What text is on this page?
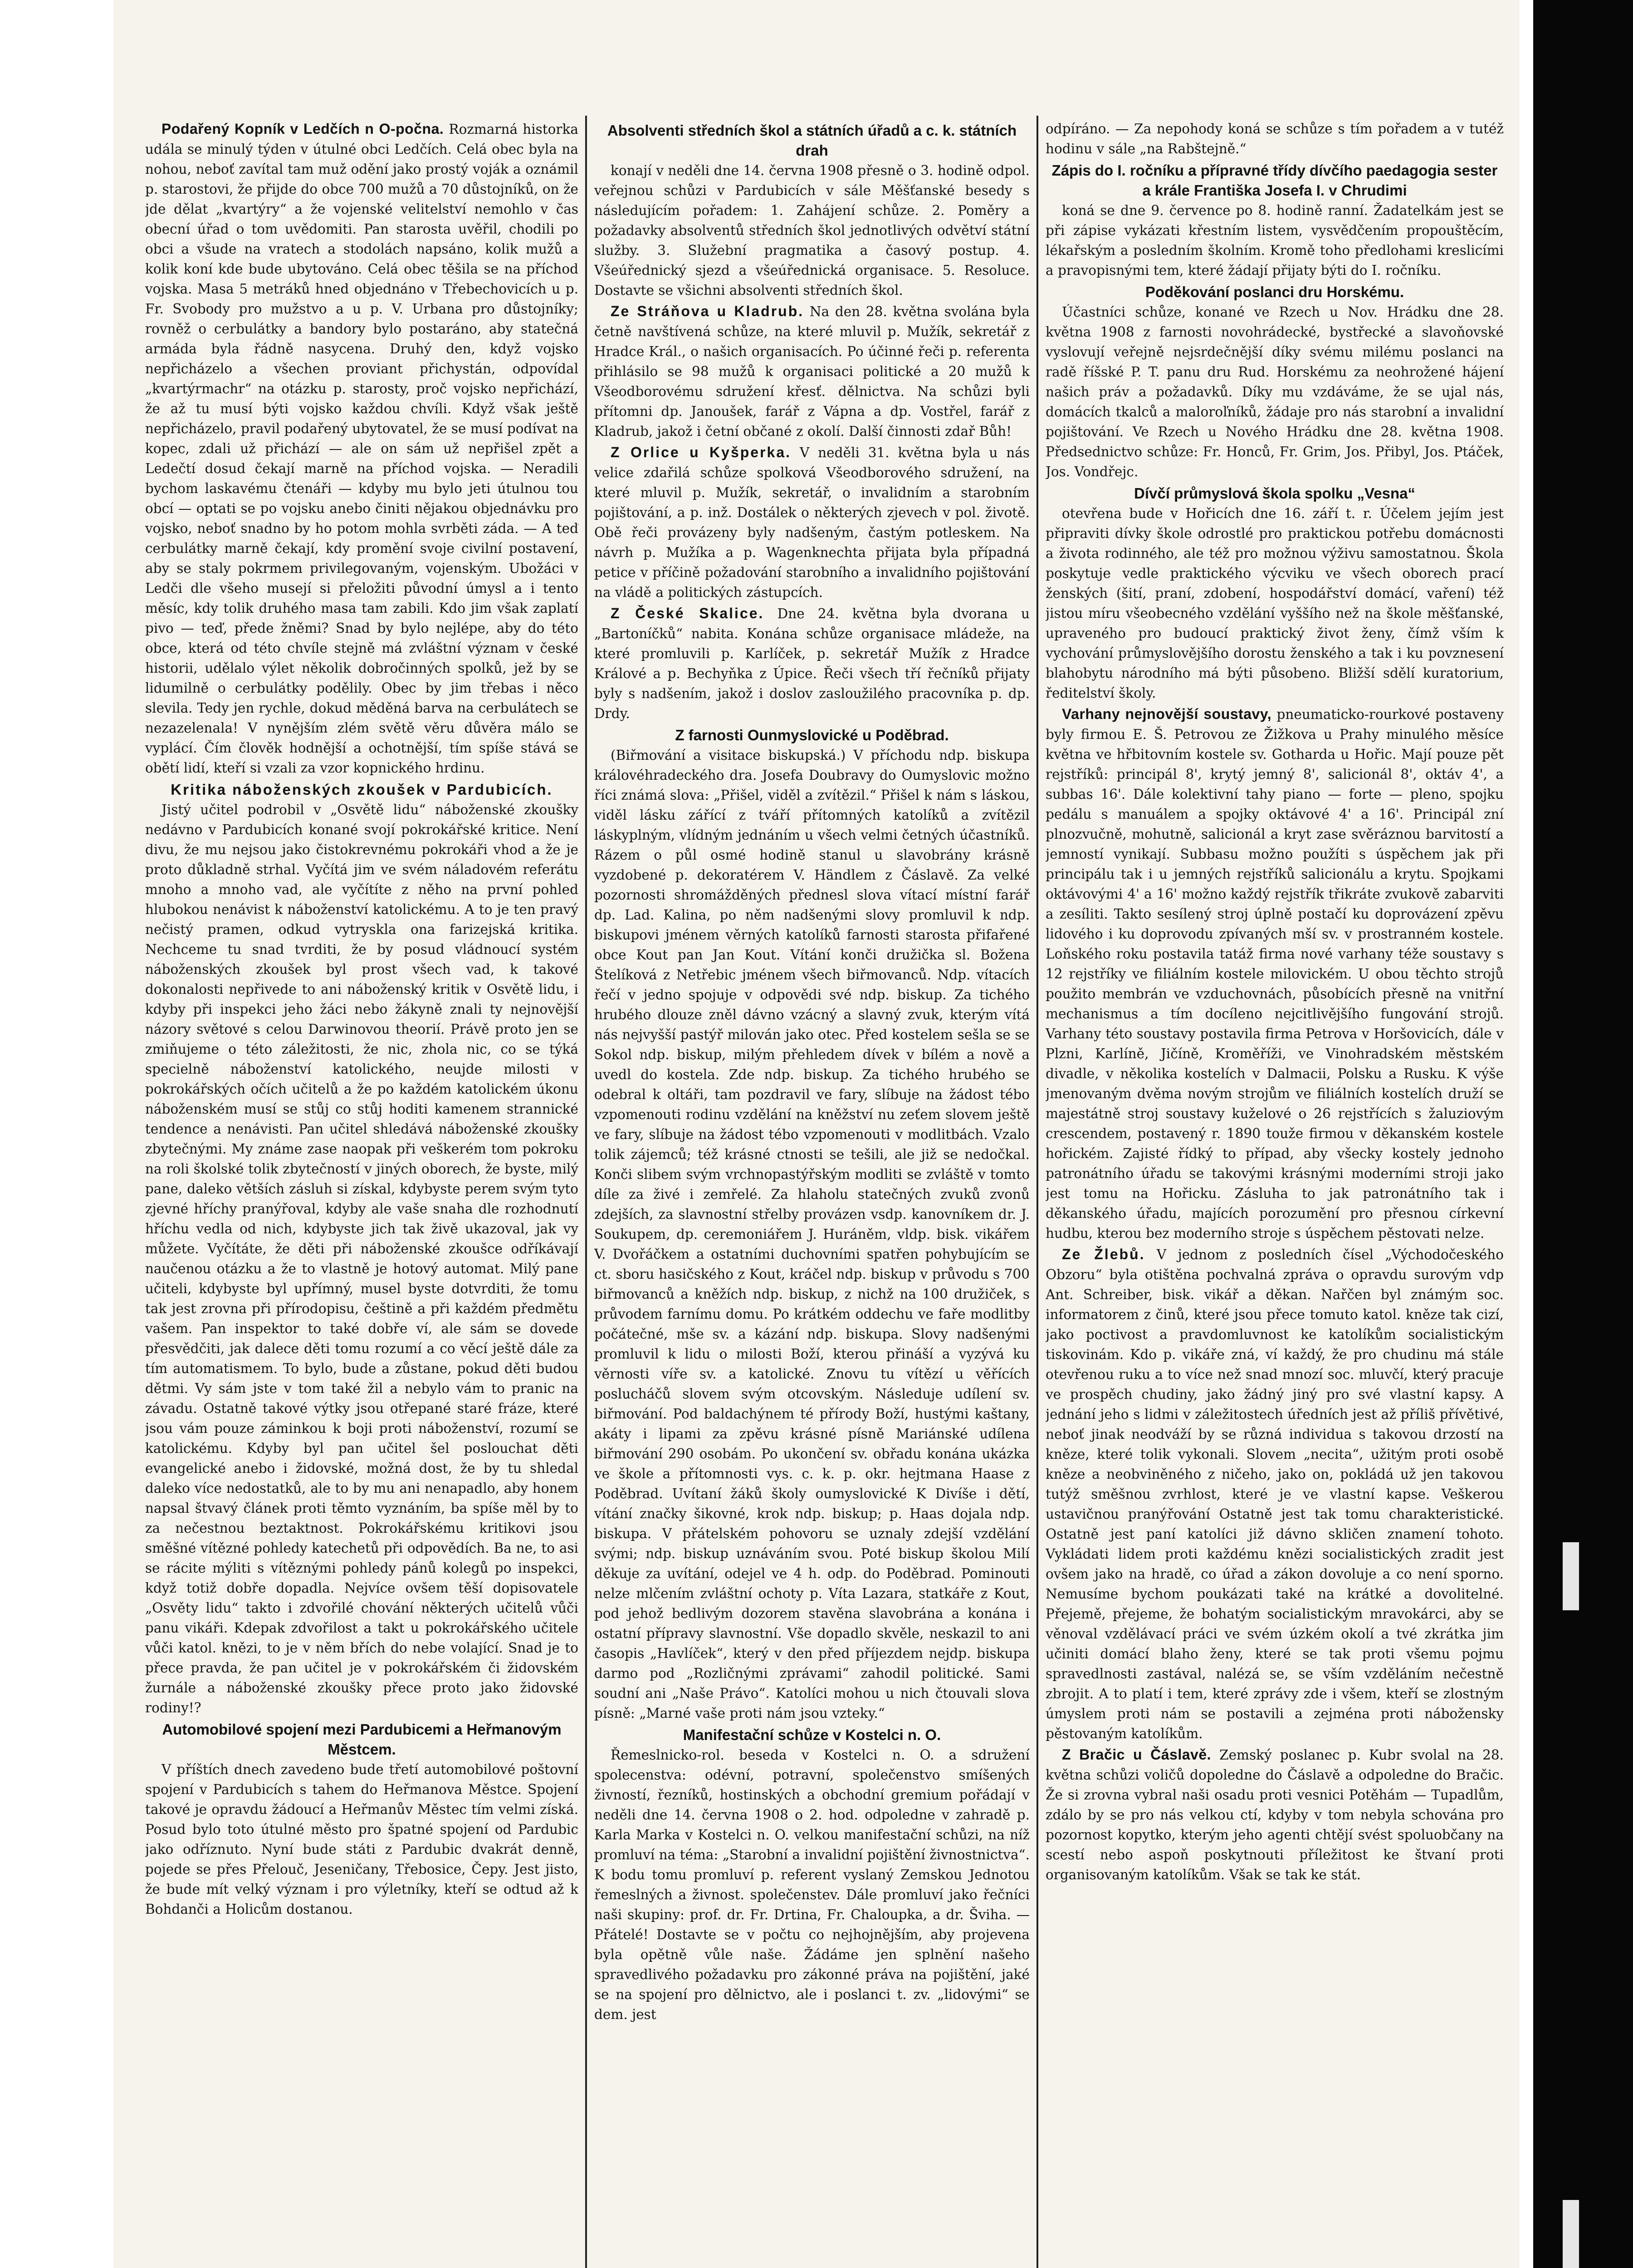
Podařený Kopník v Ledčích n O-počna. Rozmarná historka udála se minulý týden v útulné obci Ledčích. Celá obec byla na nohou, neboť zavítal tam muž odění jako prostý voják a oznámil p. starostovi, že přijde do obce 700 mužů a 70 důstojníků, on že jde dělat „kvartýry“ a že vojenské velitelství nemohlo v čas obecní úřad o tom uvědomiti. Pan starosta uvěřil, chodili po obci a všude na vratech a stodolách napsáno, kolik mužů a kolik koní kde bude ubytováno. Celá obec těšila se na příchod vojska. Masa 5 metráků hned objednáno v Třebechovicích u p. Fr. Svobody pro mužstvo a u p. V. Urbana pro důstojníky; rovněž o cerbulátky a bandory bylo postaráno, aby statečná armáda byla řádně nasycena. Druhý den, když vojsko nepřicházelo a všechen proviant přichystán, odpovídal „kvartýrmachr“ na otázku p. starosty, proč vojsko nepřichází, že až tu musí býti vojsko každou chvíli. Když však ještě nepřicházelo, pravil podařený ubytovatel, že se musí podívat na kopec, zdali už přichází — ale on sám už nepřišel zpět a Ledečtí dosud čekají marně na příchod vojska. — Neradili bychom laskavému čtenáři — kdyby mu bylo jeti útulnou tou obcí — optati se po vojsku anebo činiti nějakou objednávku pro vojsko, neboť snadno by ho potom mohla svrběti záda. — A teď cerbulátky marně čekají, kdy promění svoje civilní postavení, aby se staly pokrmem privilegovaným, vojenským. Ubožáci v Ledči dle všeho musejí si přeložiti původní úmysl a i tento měsíc, kdy tolik druhého masa tam zabili. Kdo jim však zaplatí pivo — teď, přede žněmi? Snad by bylo nejlépe, aby do této obce, která od této chvíle stejně má zvláštní význam v české historii, udělalo výlet několik dobročinných spolků, jež by se lidumilně o cerbulátky podělily. Obec by jim třebas i něco slevila. Tedy jen rychle, dokud měděná barva na cerbulátech se nezazelenala! V nynějším zlém světě věru důvěra málo se vyplácí. Čím člověk hodnější a ochotnější, tím spíše stává se obětí lidí, kteří si vzali za vzor kopnického hrdinu.

Kritika náboženských zkoušek v Pardubicích.

Jistý učitel podrobil v „Osvětě lidu“ náboženské zkoušky nedávno v Pardubicích konané svojí pokrokářské kritice. Není divu, že mu nejsou jako čistokrevnému pokrokáři vhod a že je proto důkladně strhal. Vyčítá jim ve svém náladovém referátu mnoho a mnoho vad, ale vyčítíte z něho na první pohled hlubokou nenávist k náboženství katolickému. A to je ten pravý nečistý pramen, odkud vytryskla ona farizejská kritika. Nechceme tu snad tvrditi, že by posud vládnoucí systém náboženských zkoušek byl prost všech vad, k takové dokonalosti nepřivede to ani náboženský kritik v Osvětě lidu, i kdyby při inspekci jeho žáci nebo žákyně znali ty nejnovější názory světové s celou Darwinovou theorií. Právě proto jen se zmiňujeme o této záležitosti, že nic, zhola nic, co se týká specielně náboženství katolického, neujde milosti v pokrokářských očích učitelů a že po každém katolickém úkonu náboženském musí se stůj co stůj hoditi kamenem strannické tendence a nenávisti. Pan učitel shledává náboženské zkoušky zbytečnými. My známe zase naopak při veškerém tom pokroku na roli školské tolik zbytečností v jiných oborech, že byste, milý pane, daleko větších zásluh si získal, kdybyste perem svým tyto zjevné hříchy pranýřoval, kdyby ale vaše snaha dle rozhodnutí hříchu vedla od nich, kdybyste jich tak živě ukazoval, jak vy můžete. Vyčítáte, že děti při náboženské zkoušce odříkávají naučenou otázku a že to vlastně je hotový automat. Milý pane učiteli, kdybyste byl upřímný, musel byste dotvrditi, že tomu tak jest zrovna při přírodopisu, češtině a při každém předmětu vašem. Pan inspektor to také dobře ví, ale sám se dovede přesvědčiti, jak dalece děti tomu rozumí a co věcí ještě dále za tím automatismem. To bylo, bude a zůstane, pokud děti budou dětmi. Vy sám jste v tom také žil a nebylo vám to pranic na závadu. Ostatně takové výtky jsou otřepané staré fráze, které jsou vám pouze záminkou k boji proti náboženství, rozumí se katolickému. Kdyby byl pan učitel šel poslouchat děti evangelické anebo i židovské, možná dost, že by tu shledal daleko více nedostatků, ale to by mu ani nenapadlo, aby honem napsal štvavý článek proti těmto vyznáním, ba spíše měl by to za nečestnou beztaktnost. Pokrokářskému kritikovi jsou směšné vítězné pohledy katechetů při odpovědích. Ba ne, to asi se rácite mýliti s vítěznými pohledy pánů kolegů po inspekci, když totiž dobře dopadla. Nejvíce ovšem těší dopisovatele „Osvěty lidu“ takto i zdvořilé chování některých učitelů vůči panu vikáři. Kdepak zdvořilost a takt u pokrokářského učitele vůči katol. knězi, to je v něm břích do nebe volající. Snad je to přece pravda, že pan učitel je v pokrokářském či židovském žurnále a náboženské zkoušky přece proto jako židovské rodiny!?

Automobilové spojení mezi Pardubicemi a Heřmanovým Městcem.

V příštích dnech zavedeno bude třetí automobilové poštovní spojení v Pardubicích s tahem do Heřmanova Městce. Spojení takové je opravdu žádoucí a Heřmanův Městec tím velmi získá. Posud bylo toto útulné město pro špatné spojení od Pardubic jako odříznuto. Nyní bude státi z Pardubic dvakrát denně, pojede se přes Přelouč, Jeseničany, Třebosice, Čepy. Jest jisto, že bude mít velký význam i pro výletníky, kteří se odtud až k Bohdanči a Holicům dostanou.

Absolventi středních škol a státních úřadů a c. k. státních drah

konají v neděli dne 14. června 1908 přesně o 3. hodině odpol. veřejnou schůzi v Pardubicích v sále Měšťanské besedy s následujícím pořadem: 1. Zahájení schůze. 2. Poměry a požadavky absolventů středních škol jednotlivých odvětví státní služby. 3. Služební pragmatika a časový postup. 4. Všeúřednický sjezd a všeúřednická organisace. 5. Resoluce. Dostavte se všichni absolventi středních škol.

Ze Stráňova u Kladrub. Na den 28. května svolána byla četně navštívená schůze, na které mluvil p. Mužík, sekretář z Hradce Král., o našich organisacích. Po účinné řeči p. referenta přihlásilo se 98 mužů k organisaci politické a 20 mužů k Všeodborovému sdružení křesť. dělnictva. Na schůzi byli přítomni dp. Janoušek, farář z Vápna a dp. Vostřel, farář z Kladrub, jakož i četní občané z okolí. Další činnosti zdař Bůh!

Z Orlice u Kyšperka. V neděli 31. května byla u nás velice zdařilá schůze spolková Všeodborového sdružení, na které mluvil p. Mužík, sekretář, o invalidním a starobním pojištování, a p. inž. Dostálek o některých zjevech v pol. životě. Obě řeči provázeny byly nadšeným, častým potleskem. Na návrh p. Mužíka a p. Wagenknechta přijata byla případná petice v příčině požadování starobního a invalidního pojištování na vládě a politických zástupcích.

Z České Skalice. Dne 24. května byla dvorana u „Bartoníčků“ nabita. Konána schůze organisace mládeže, na které promluvili p. Karlíček, p. sekretář Mužík z Hradce Králové a p. Bechyňka z Úpice. Řeči všech tří řečníků přijaty byly s nadšením, jakož i doslov zasloužilého pracovníka p. dp. Drdy.

Z farnosti Ounmyslovické u Poděbrad.

(Biřmování a visitace biskupská.) V příchodu ndp. biskupa královéhradeckého dra. Josefa Doubravy do Oumyslovic možno říci známá slova: „Přišel, viděl a zvítězil.“ Přišel k nám s láskou, viděl lásku zářící z tváří přítomných katolíků a zvítězil láskyplným, vlídným jednáním u všech velmi četných účastníků. Rázem o půl osmé hodině stanul u slavobrány krásně vyzdobené p. dekoratérem V. Händlem z Čáslavě. Za velké pozornosti shromážděných přednesl slova vítací místní farář dp. Lad. Kalina, po něm nadšenými slovy promluvil k ndp. biskupovi jménem věrných katolíků farnosti starosta přifařené obce Kout pan Jan Kout. Vítání konči družička sl. Božena Štelíková z Netřebic jménem všech biřmovanců. Ndp. vítacích řečí v jedno spojuje v odpovědi své ndp. biskup. Za tichého hrubého dlouze zněl dávno vzácný a slavný zvuk, kterým vítá nás nejvyšší pastýř milován jako otec. Před kostelem sešla se se Sokol ndp. biskup, milým přehledem dívek v bílém a nově a uvedl do kostela. Zde ndp. biskup. Za tichého hrubého se odebral k oltáři, tam pozdravil ve fary, slíbuje na žádost tébo vzpomenouti rodinu vzdělání na kněžství nu zeťem slovem ještě ve fary, slíbuje na žádost tébo vzpomenouti v modlitbách. Vzalo tolik zájemců; též krásné ctnosti se tešili, ale již se nedočkal. Konči slibem svým vrchnopastýřským modliti se zvláště v tomto díle za živé i zemřelé. Za hlaholu statečných zvuků zvonů zdejších, za slavnostní střelby provázen vsdp. kanovníkem dr. J. Soukupem, dp. ceremoniářem J. Huráněm, vldp. bisk. vikářem V. Dvořáčkem a ostatními duchovními spatřen pohybujícím se ct. sboru hasičského z Kout, kráčel ndp. biskup v průvodu s 700 biřmovanců a kněžích ndp. biskup, z nichž na 100 družiček, s průvodem farnímu domu. Po krátkém oddechu ve faře modlitby počátečné, mše sv. a kázání ndp. biskupa. Slovy nadšenými promluvil k lidu o milosti Boží, kterou přináší a vyzývá ku věrnosti víře sv. a katolické. Znovu tu vítězí u věřících poslucháčů slovem svým otcovským. Následuje udílení sv. biřmování. Pod baldachýnem té přírody Boží, hustými kaštany, akáty i lipami za zpěvu krásné písně Mariánské udílena biřmování 290 osobám. Po ukončení sv. obřadu konána ukázka ve škole a přítomnosti vys. c. k. p. okr. hejtmana Haase z Poděbrad. Uvítaní žáků školy oumyslovické K Divíše i dětí, vítání značky šikovné, krok ndp. biskup; p. Haas dojala ndp. biskupa. V přátelském pohovoru se uznaly zdejší vzdělání svými; ndp. biskup uznáváním svou. Poté biskup školou Milí děkuje za uvítání, odejel ve 4 h. odp. do Poděbrad. Pominouti nelze mlčením zvláštní ochoty p. Víta Lazara, statkáře z Kout, pod jehož bedlivým dozorem stavěna slavobrána a konána i ostatní přípravy slavnostní. Vše dopadlo skvěle, neskazil to ani časopis „Havlíček“, který v den před příjezdem nejdp. biskupa darmo pod „Rozličnými zprávami“ zahodil politické. Sami soudní ani „Naše Právo“. Katolíci mohou u nich čtouvali slova písně: „Marné vaše proti nám jsou vzteky.“

Manifestační schůze v Kostelci n. O.

Řemeslnicko-rol. beseda v Kostelci n. O. a sdružení spolecenstva: odévní, potravní, společenstvo smíšených živností, řezníků, hostinských a obchodní gremium pořádají v neděli dne 14. června 1908 o 2. hod. odpoledne v zahradě p. Karla Marka v Kostelci n. O. velkou manifestační schůzi, na níž promluví na téma: „Starobní a invalidní pojištění živnostnictva“. K bodu tomu promluví p. referent vyslaný Zemskou Jednotou řemeslných a živnost. společenstev. Dále promluví jako řečníci naši skupiny: prof. dr. Fr. Drtina, Fr. Chaloupka, a dr. Šviha. — Přátelé! Dostavte se v počtu co nejhojnějším, aby projevena byla opětně vůle naše. Žádáme jen splnění našeho spravedlivého požadavku pro zákonné práva na pojištění, jaké se na spojení pro dělnictvo, ale i poslanci t. zv. „lidovými“ se dem. jest

odpíráno. — Za nepohody koná se schůze s tím pořadem a v tutéž hodinu v sále „na Rabštejně.“

Zápis do I. ročníku a přípravné třídy dívčího paedagogia sester a krále Františka Josefa I. v Chrudimi

koná se dne 9. července po 8. hodině ranní. Žadatelkám jest se při zápise vykázati křestním listem, vysvědčením propouštěcím, lékařským a posledním školním. Kromě toho předlohami kreslicími a pravopisnými tem, které žádají přijaty býti do I. ročníku.

Poděkování poslanci dru Horskému.

Účastníci schůze, konané ve Rzech u Nov. Hrádku dne 28. května 1908 z farnosti novohrádecké, bystřecké a slavoňovské vyslovují veřejně nejsrdečnější díky svému milému poslanci na radě říšské P. T. panu dru Rud. Horskému za neohrožené hájení našich práv a požadavků. Díky mu vzdáváme, že se ujal nás, domácích tkalců a maloroľníků, žádaje pro nás starobní a invalidní pojištování. Ve Rzech u Nového Hrádku dne 28. května 1908. Předsednictvo schůze: Fr. Honců, Fr. Grim, Jos. Přibyl, Jos. Ptáček, Jos. Vondřejc.

Dívčí průmyslová škola spolku „Vesna“

otevřena bude v Hořicích dne 16. září t. r. Účelem jejím jest připraviti dívky škole odrostlé pro praktickou potřebu domácnosti a života rodinného, ale též pro možnou výživu samostatnou. Škola poskytuje vedle praktického výcviku ve všech oborech prací ženských (šití, praní, zdobení, hospodářství domácí, vaření) též jistou míru všeobecného vzdělání vyššího než na škole měšťanské, upraveného pro budoucí praktický život ženy, čímž vším k vychování průmyslovějšího dorostu ženského a tak i ku povznesení blahobytu národního má býti působeno. Bližší sdělí kuratorium, ředitelství školy.

Varhany nejnovější soustavy, pneumaticko-rourkové postaveny byly firmou E. Š. Petrovou ze Žižkova u Prahy minulého měsíce května ve hřbitovním kostele sv. Gotharda u Hořic. Mají pouze pět rejstříků: principál 8', krytý jemný 8', salicionál 8', oktáv 4', a subbas 16'. Dále kolektivní tahy piano — forte — pleno, spojku pedálu s manuálem a spojky oktávové 4' a 16'. Principál zní plnozvučně, mohutně, salicionál a kryt zase svěráznou barvitostí a jemností vynikají. Subbasu možno použíti s úspěchem jak při principálu tak i u jemných rejstříků salicionálu a krytu. Spojkami oktávovými 4' a 16' možno každý rejstřík třikráte zvukově zabarviti a zesíliti. Takto sesílený stroj úplně postačí ku doprovázení zpěvu lidového i ku doprovodu zpívaných mší sv. v prostranném kostele. Loňského roku postavila tatáž firma nové varhany téže soustavy s 12 rejstříky ve filiálním kostele milovickém. U obou těchto strojů použito membrán ve vzduchovnách, působících přesně na vnitřní mechanismus a tím docíleno nejcitlivějšího fungování strojů. Varhany této soustavy postavila firma Petrova v Horšovicích, dále v Plzni, Karlíně, Jičíně, Kroměříži, ve Vinohradském městském divadle, v několika kostelích v Dalmacii, Polsku a Rusku. K výše jmenovaným dvěma novým strojům ve filiálních kostelích druží se majestátně stroj soustavy kuželové o 26 rejstřících s žaluziovým crescendem, postavený r. 1890 touže firmou v děkanském kostele hořickém. Zajisté řídký to případ, aby všecky kostely jednoho patronátního úřadu se takovými krásnými moderními stroji jako jest tomu na Hořicku. Zásluha to jak patronátního tak i děkanského úřadu, majících porozumění pro přesnou církevní hudbu, kterou bez moderního stroje s úspěchem pěstovati nelze.

Ze Žlebů. V jednom z posledních čísel „Východočeského Obzoru“ byla otištěna pochvalná zpráva o opravdu surovým vdp Ant. Schreiber, bisk. vikář a děkan. Nařčen byl známým soc. informatorem z činů, které jsou přece tomuto katol. kněze tak cizí, jako poctivost a pravdomluvnost ke katolíkům socialistickým tiskovinám. Kdo p. vikáře zná, ví každý, že pro chudinu má stále otevřenou ruku a to více než snad mnozí soc. mluvčí, který pracuje ve prospěch chudiny, jako žádný jiný pro své vlastní kapsy. A jednání jeho s lidmi v záležitostech úředních jest až příliš přívětivé, neboť jinak neodváží by se různá individua s takovou drzostí na kněze, které tolik vykonali. Slovem „necita“, užitým proti osobě kněze a neobviněného z ničeho, jako on, pokládá už jen takovou tutýž směšnou zvrhlost, které je ve vlastní kapse. Veškerou ustavičnou pranýřování Ostatně jest tak tomu charakteristické. Ostatně jest paní katolíci již dávno skličen znamení tohoto. Vykládati lidem proti každému knězi socialistických zradit jest ovšem jako na hradě, co úřad a zákon dovoluje a co není sporno. Nemusíme bychom poukázati také na krátké a dovolitelné. Přejemě, přejeme, že bohatým socialistickým mravokárci, aby se věnoval vzdělávací práci ve svém úzkém okolí a tvé zkrátka jim učiniti domácí blaho ženy, které se tak proti všemu pojmu spravedlnosti zastával, nalézá se, se vším vzděláním nečestně zbrojit. A to platí i tem, které zprávy zde i všem, kteří se zlostným úmyslem proti nám se postavili a zejména proti nábožensky pěstovaným katolíkům.

Z Bračic u Čáslavě. Zemský poslanec p. Kubr svolal na 28. května schůzi voličů dopoledne do Čáslavě a odpoledne do Bračic. Že si zrovna vybral naši osadu proti vesnici Potěhám — Tupadlům, zdálo by se pro nás velkou ctí, kdyby v tom nebyla schována pro pozornost kopytko, kterým jeho agenti chtějí svést spoluobčany na scestí nebo aspoň poskytnouti příležitost ke štvaní proti organisovaným katolíkům. Však se tak ke stát.
